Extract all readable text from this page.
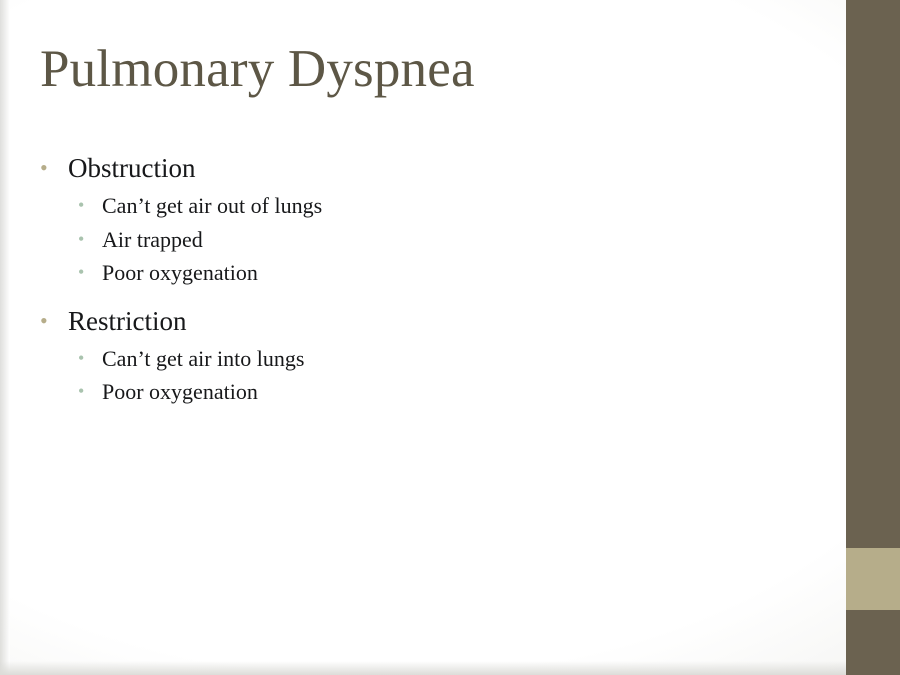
Pulmonary Dyspnea
• Obstruction
• Can’t get air out of lungs
• Air trapped
• Poor oxygenation
• Restriction
• Can’t get air into lungs
• Poor oxygenation
